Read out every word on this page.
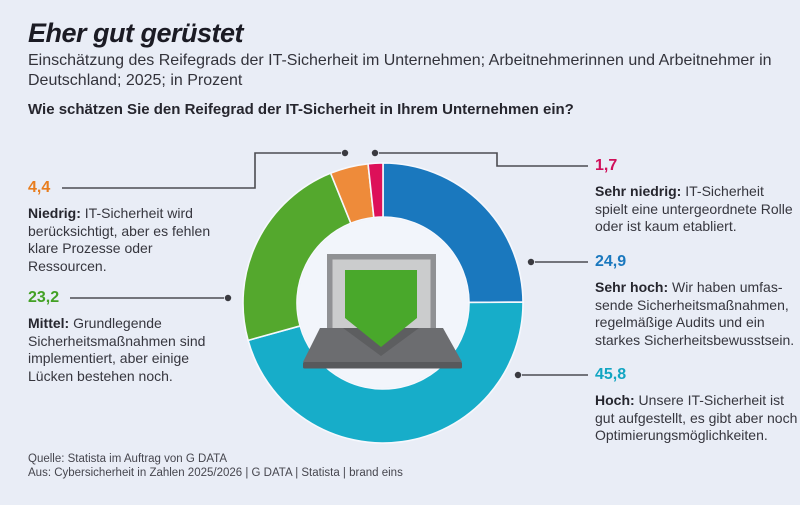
Eher gut gerüstet
Einschätzung des Reifegrads der IT-Sicherheit im Unternehmen; Arbeitnehmerinnen und Arbeitnehmer in
Deutschland; 2025; in Prozent
Wie schätzen Sie den Reifegrad der IT-Sicherheit in Ihrem Unternehmen ein?
4,4
Niedrig: IT-Sicherheit wird berücksichtigt, aber es fehlen klare Prozesse oder Ressourcen.
23,2
Mittel: Grundlegende Sicherheitsmaßnahmen sind implementiert, aber einige Lücken bestehen noch.
1,7
Sehr niedrig: IT-Sicherheit spielt eine untergeordnete Rolle oder ist kaum etabliert.
24,9
Sehr hoch: Wir haben umfassende Sicherheitsmaßnahmen, regelmäßige Audits und ein starkes Sicherheitsbewusstsein.
45,8
Hoch: Unsere IT-Sicherheit ist gut aufgestellt, es gibt aber noch Optimierungsmöglichkeiten.
Quelle: Statista im Auftrag von G DATA
Aus: Cybersicherheit in Zahlen 2025/2026 | G DATA | Statista | brand eins
